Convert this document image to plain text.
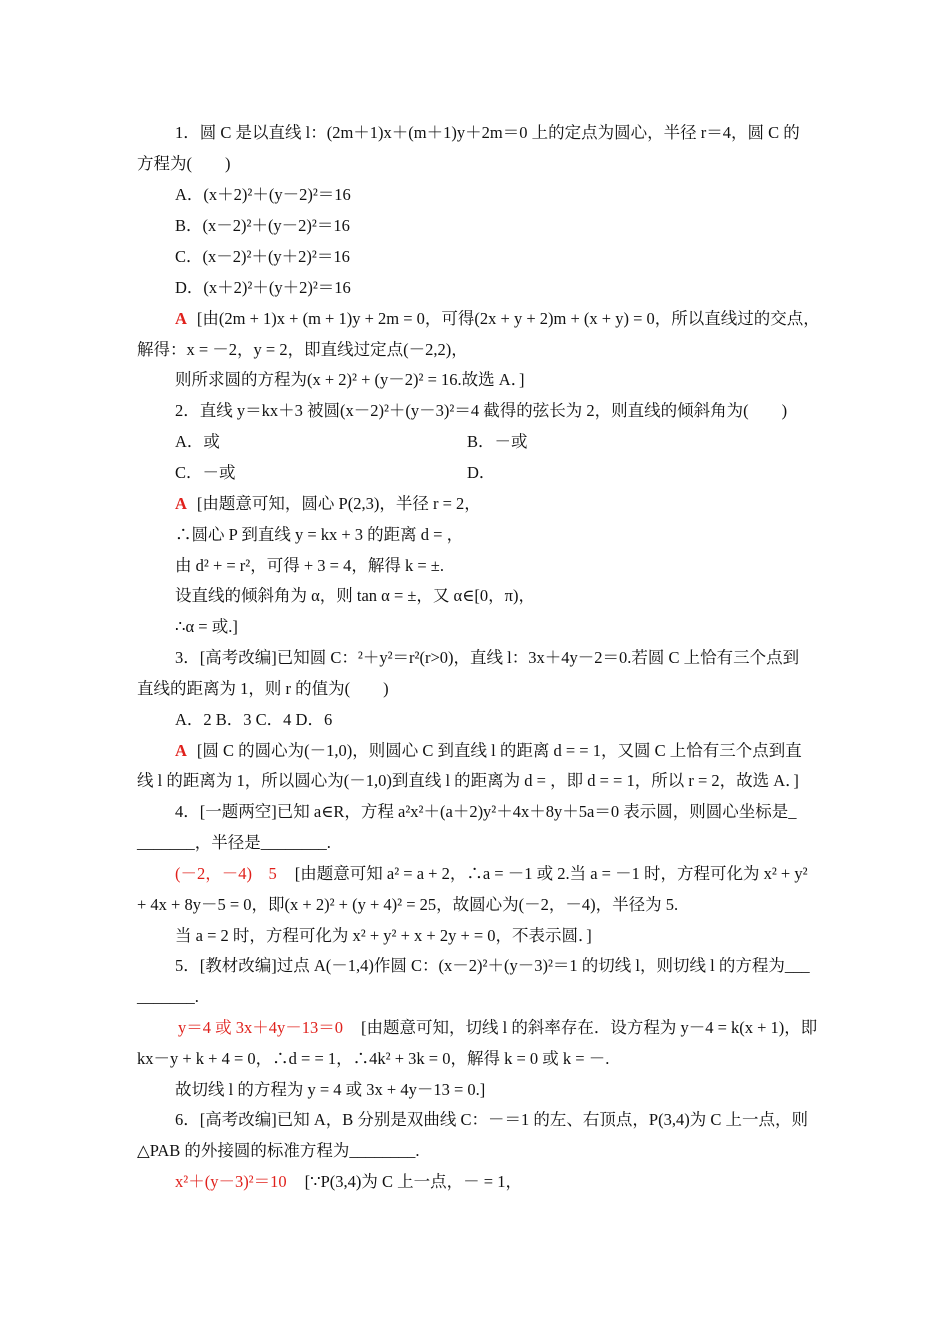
1．圆 C 是以直线 l：(2m＋1)x＋(m＋1)y＋2m＝0 上的定点为圆心，半径 r＝4，圆 C 的
方程为(　　)
A．(x＋2)²＋(y－2)²＝16
B．(x－2)²＋(y－2)²＝16
C．(x－2)²＋(y＋2)²＝16
D．(x＋2)²＋(y＋2)²＝16
A [由(2m + 1)x + (m + 1)y + 2m = 0，可得(2x + y + 2)m + (x + y) = 0，所以直线过的交点，
解得：x = －2，y = 2，即直线过定点(－2,2)，
则所求圆的方程为(x + 2)² + (y－2)² = 16.故选 A．]
2．直线 y＝kx＋3 被圆(x－2)²＋(y－3)²＝4 截得的弦长为 2，则直线的倾斜角为(　　)
A．或	B．－或
C．－或	D．
A [由题意可知，圆心 P(2,3)，半径 r = 2，
∴圆心 P 到直线 y = kx + 3 的距离 d = ，
由 d² + = r²，可得 + 3 = 4，解得 k = ±.
设直线的倾斜角为 α，则 tan α = ±，又 α∈[0，π)，
∴α = 或.]
3．[高考改编]已知圆 C：²＋y²＝r²(r>0)，直线 l：3x＋4y－2＝0.若圆 C 上恰有三个点到
直线的距离为 1，则 r 的值为(　　)
A．2 B．3 C．4 D．6
A [圆 C 的圆心为(－1,0)，则圆心 C 到直线 l 的距离 d = = 1，又圆 C 上恰有三个点到直
线 l 的距离为 1，所以圆心为(－1,0)到直线 l 的距离为 d = ，即 d = = 1，所以 r = 2，故选 A．]
4．[一题两空]已知 a∈R，方程 a²x²＋(a＋2)y²＋4x＋8y＋5a＝0 表示圆，则圆心坐标是_
_______，半径是________.
(－2，－4)　5 [由题意可知 a² = a + 2，∴a = －1 或 2.当 a = －1 时，方程可化为 x² + y²
+ 4x + 8y－5 = 0，即(x + 2)² + (y + 4)² = 25，故圆心为(－2，－4)，半径为 5.
当 a = 2 时，方程可化为 x² + y² + x + 2y + = 0，不表示圆．]
5．[教材改编]过点 A(－1,4)作圆 C：(x－2)²＋(y－3)²＝1 的切线 l，则切线 l 的方程为___
_______.
y＝4 或 3x＋4y－13＝0 [由题意可知，切线 l 的斜率存在．设方程为 y－4 = k(x + 1)，即
kx－y + k + 4 = 0，∴d = = 1，∴4k² + 3k = 0，解得 k = 0 或 k = －.
故切线 l 的方程为 y = 4 或 3x + 4y－13 = 0.]
6．[高考改编]已知 A，B 分别是双曲线 C：－＝1 的左、右顶点，P(3,4)为 C 上一点，则
△PAB 的外接圆的标准方程为________.
x²＋(y－3)²＝10 [∵P(3,4)为 C 上一点，－ = 1，
